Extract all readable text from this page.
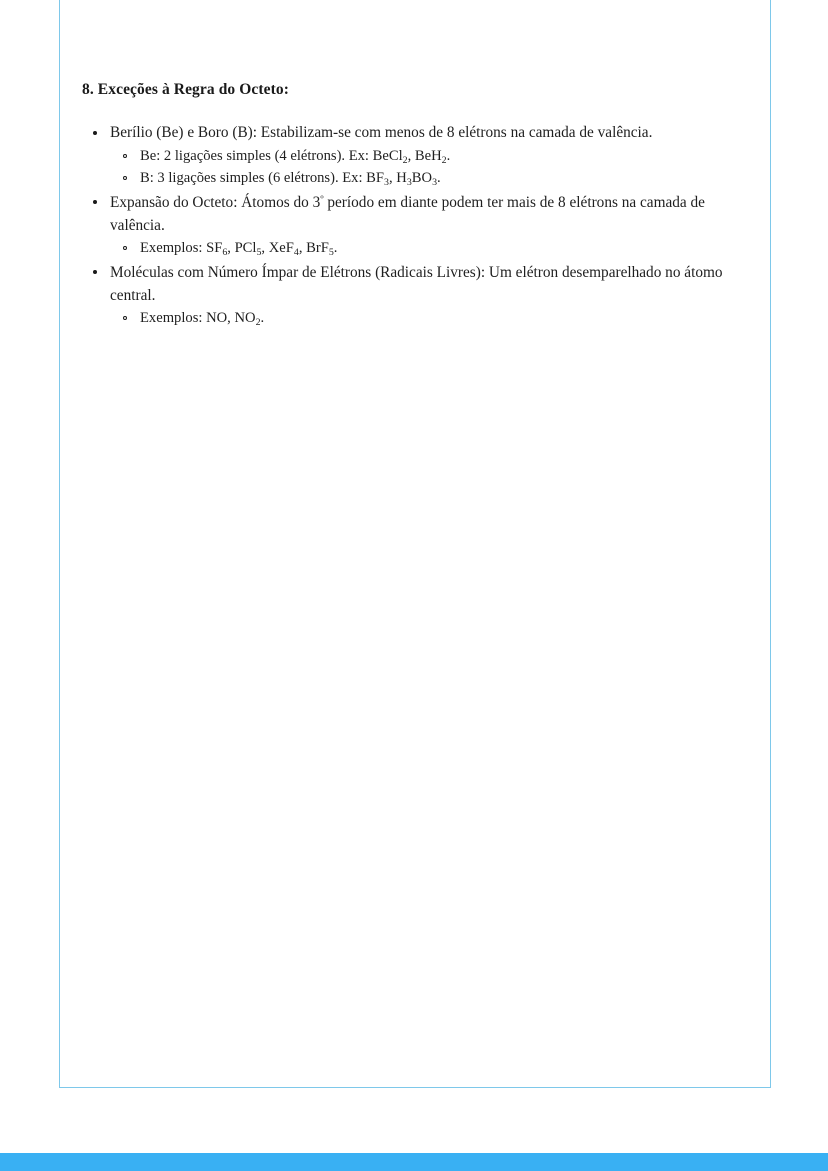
8. Exceções à Regra do Octeto:
Berílio (Be) e Boro (B): Estabilizam-se com menos de 8 elétrons na camada de valência.
Be: 2 ligações simples (4 elétrons). Ex: BeCl$_2$, BeH$_2$.
B: 3 ligações simples (6 elétrons). Ex: $BF_3$, $H_3BO_3$.
Expansão do Octeto: Átomos do $3^º$ período em diante podem ter mais de 8 elétrons na camada de valência.
Exemplos: $SF_6$, PCl$_5$, XeF$_4$, BrF$_5$.
Moléculas com Número Ímpar de Elétrons (Radicais Livres): Um elétron desemparelhado no átomo central.
Exemplos: NO, $NO_2$.
